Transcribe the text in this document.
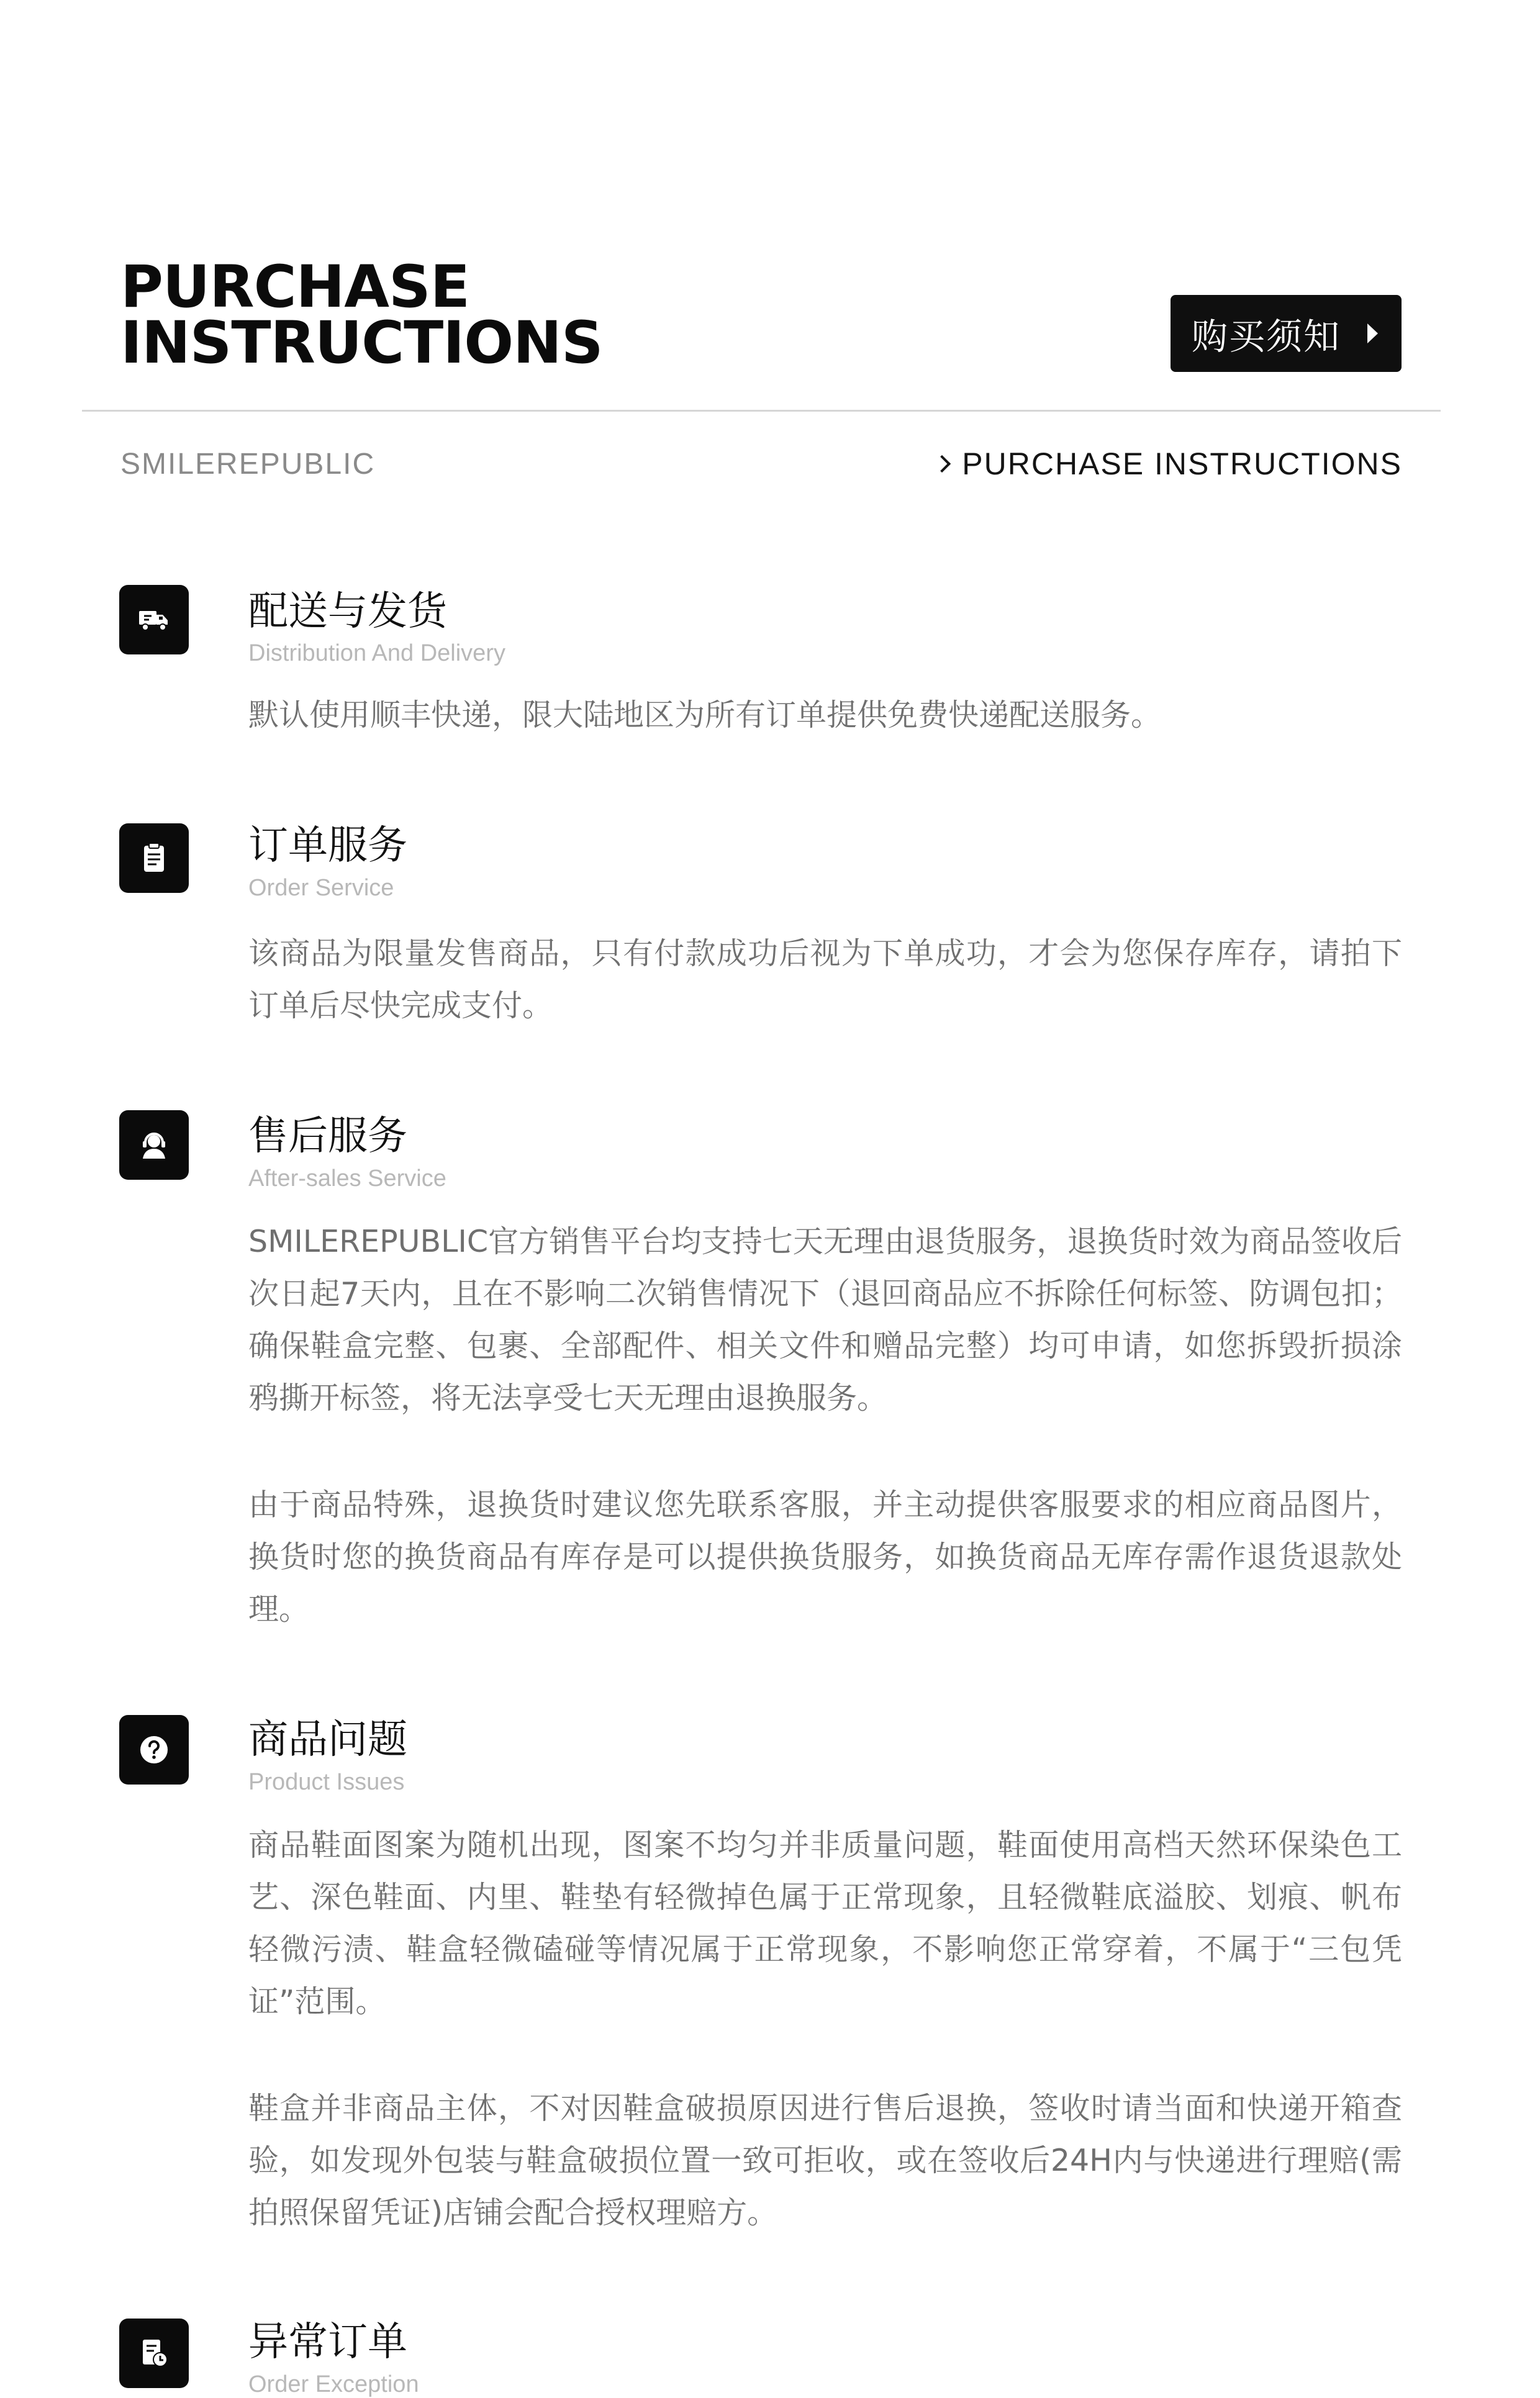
PURCHASE
INSTRUCTIONS	购买须知
SMILEREPUBLIC	PURCHASE INSTRUCTIONS
配送与发货
Distribution And Delivery

默认使用顺丰快递，限大陆地区为所有订单提供免费快递配送服务。

订单服务
Order Service

该商品为限量发售商品，只有付款成功后视为下单成功，才会为您保存库存，请拍下订单后尽快完成支付。

售后服务
After-sales Service

SMILEREPUBLIC官方销售平台均支持七天无理由退货服务，退换货时效为商品签收后次日起7天内，且在不影响二次销售情况下（退回商品应不拆除任何标签、防调包扣；确保鞋盒完整、包裹、全部配件、相关文件和赠品完整）均可申请，如您拆毁折损涂鸦撕开标签，将无法享受七天无理由退换服务。

由于商品特殊，退换货时建议您先联系客服，并主动提供客服要求的相应商品图片，换货时您的换货商品有库存是可以提供换货服务，如换货商品无库存需作退货退款处理。

商品问题
Product Issues

商品鞋面图案为随机出现，图案不均匀并非质量问题，鞋面使用高档天然环保染色工艺、深色鞋面、内里、鞋垫有轻微掉色属于正常现象，且轻微鞋底溢胶、划痕、帆布轻微污渍、鞋盒轻微磕碰等情况属于正常现象，不影响您正常穿着，不属于“三包凭证”范围。

鞋盒并非商品主体，不对因鞋盒破损原因进行售后退换，签收时请当面和快递开箱查验，如发现外包装与鞋盒破损位置一致可拒收，或在签收后24H内与快递进行理赔(需拍照保留凭证)店铺会配合授权理赔方。

异常订单
Order Exception
